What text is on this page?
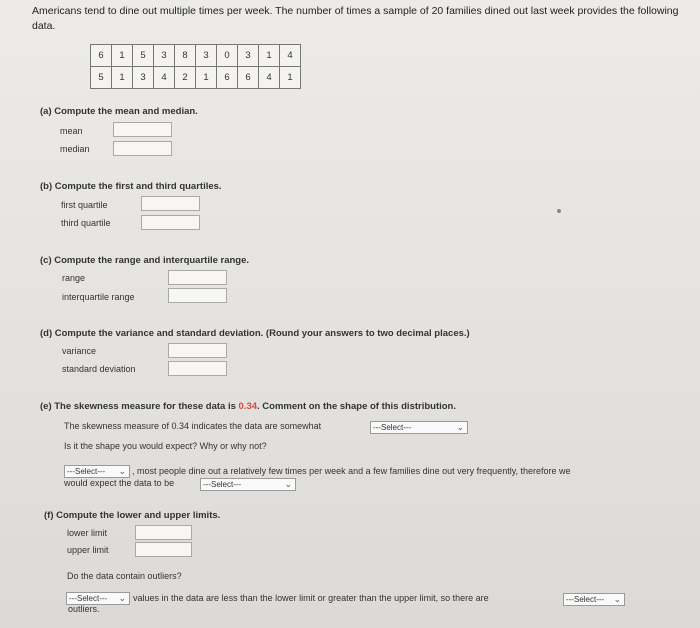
Americans tend to dine out multiple times per week. The number of times a sample of 20 families dined out last week provides the following data.
6	1	5	3	8	3	0	3	1	4
5	1	3	4	2	1	6	6	4	1
(a) Compute the mean and median.
mean
median
(b) Compute the first and third quartiles.
first quartile
third quartile
(c) Compute the range and interquartile range.
range
interquartile range
(d) Compute the variance and standard deviation. (Round your answers to two decimal places.)
variance
standard deviation
(e) The skewness measure for these data is 0.34. Comment on the shape of this distribution.
The skewness measure of 0.34 indicates the data are somewhat	---Select---	⌄
Is it the shape you would expect? Why or why not?
---Select--- ⌄ , most people dine out a relatively few times per week and a few families dine out very frequently, therefore we
would expect the data to be	---Select---	⌄
(f) Compute the lower and upper limits.
lower limit
upper limit
Do the data contain outliers?
---Select--- ⌄ values in the data are less than the lower limit or greater than the upper limit, so there are	---Select--- ⌄
outliers.
